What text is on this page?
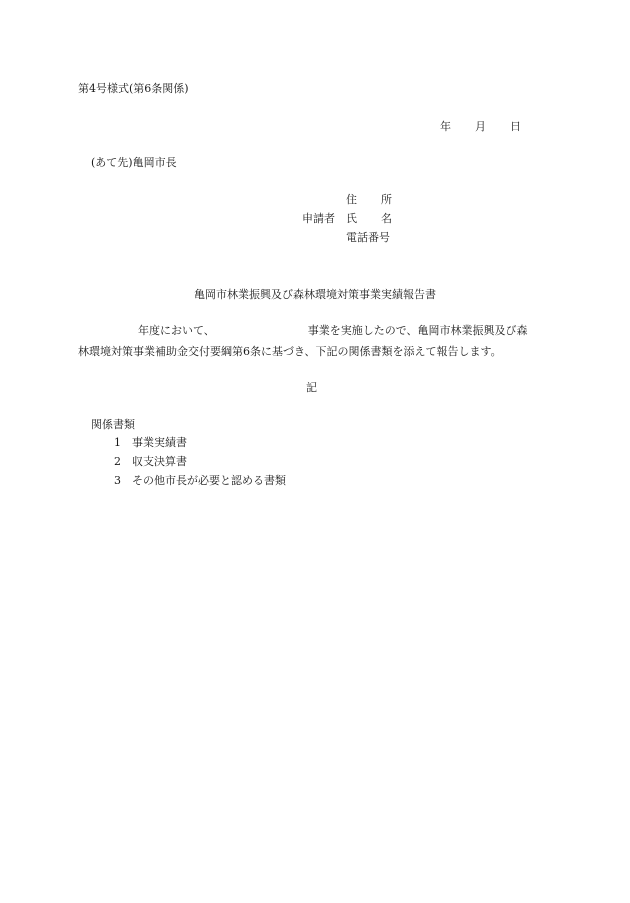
第4号様式(第6条関係)
年 月 日
(あて先)亀岡市長
住 所
申請者	氏 名
電話番号
亀岡市林業振興及び森林環境対策事業実績報告書
年度において、	事業を実施したので、亀岡市林業振興及び森
林環境対策事業補助金交付要綱第6条に基づき、下記の関係書類を添えて報告します。
記
関係書類
1 事業実績書
2 収支決算書
3 その他市長が必要と認める書類
